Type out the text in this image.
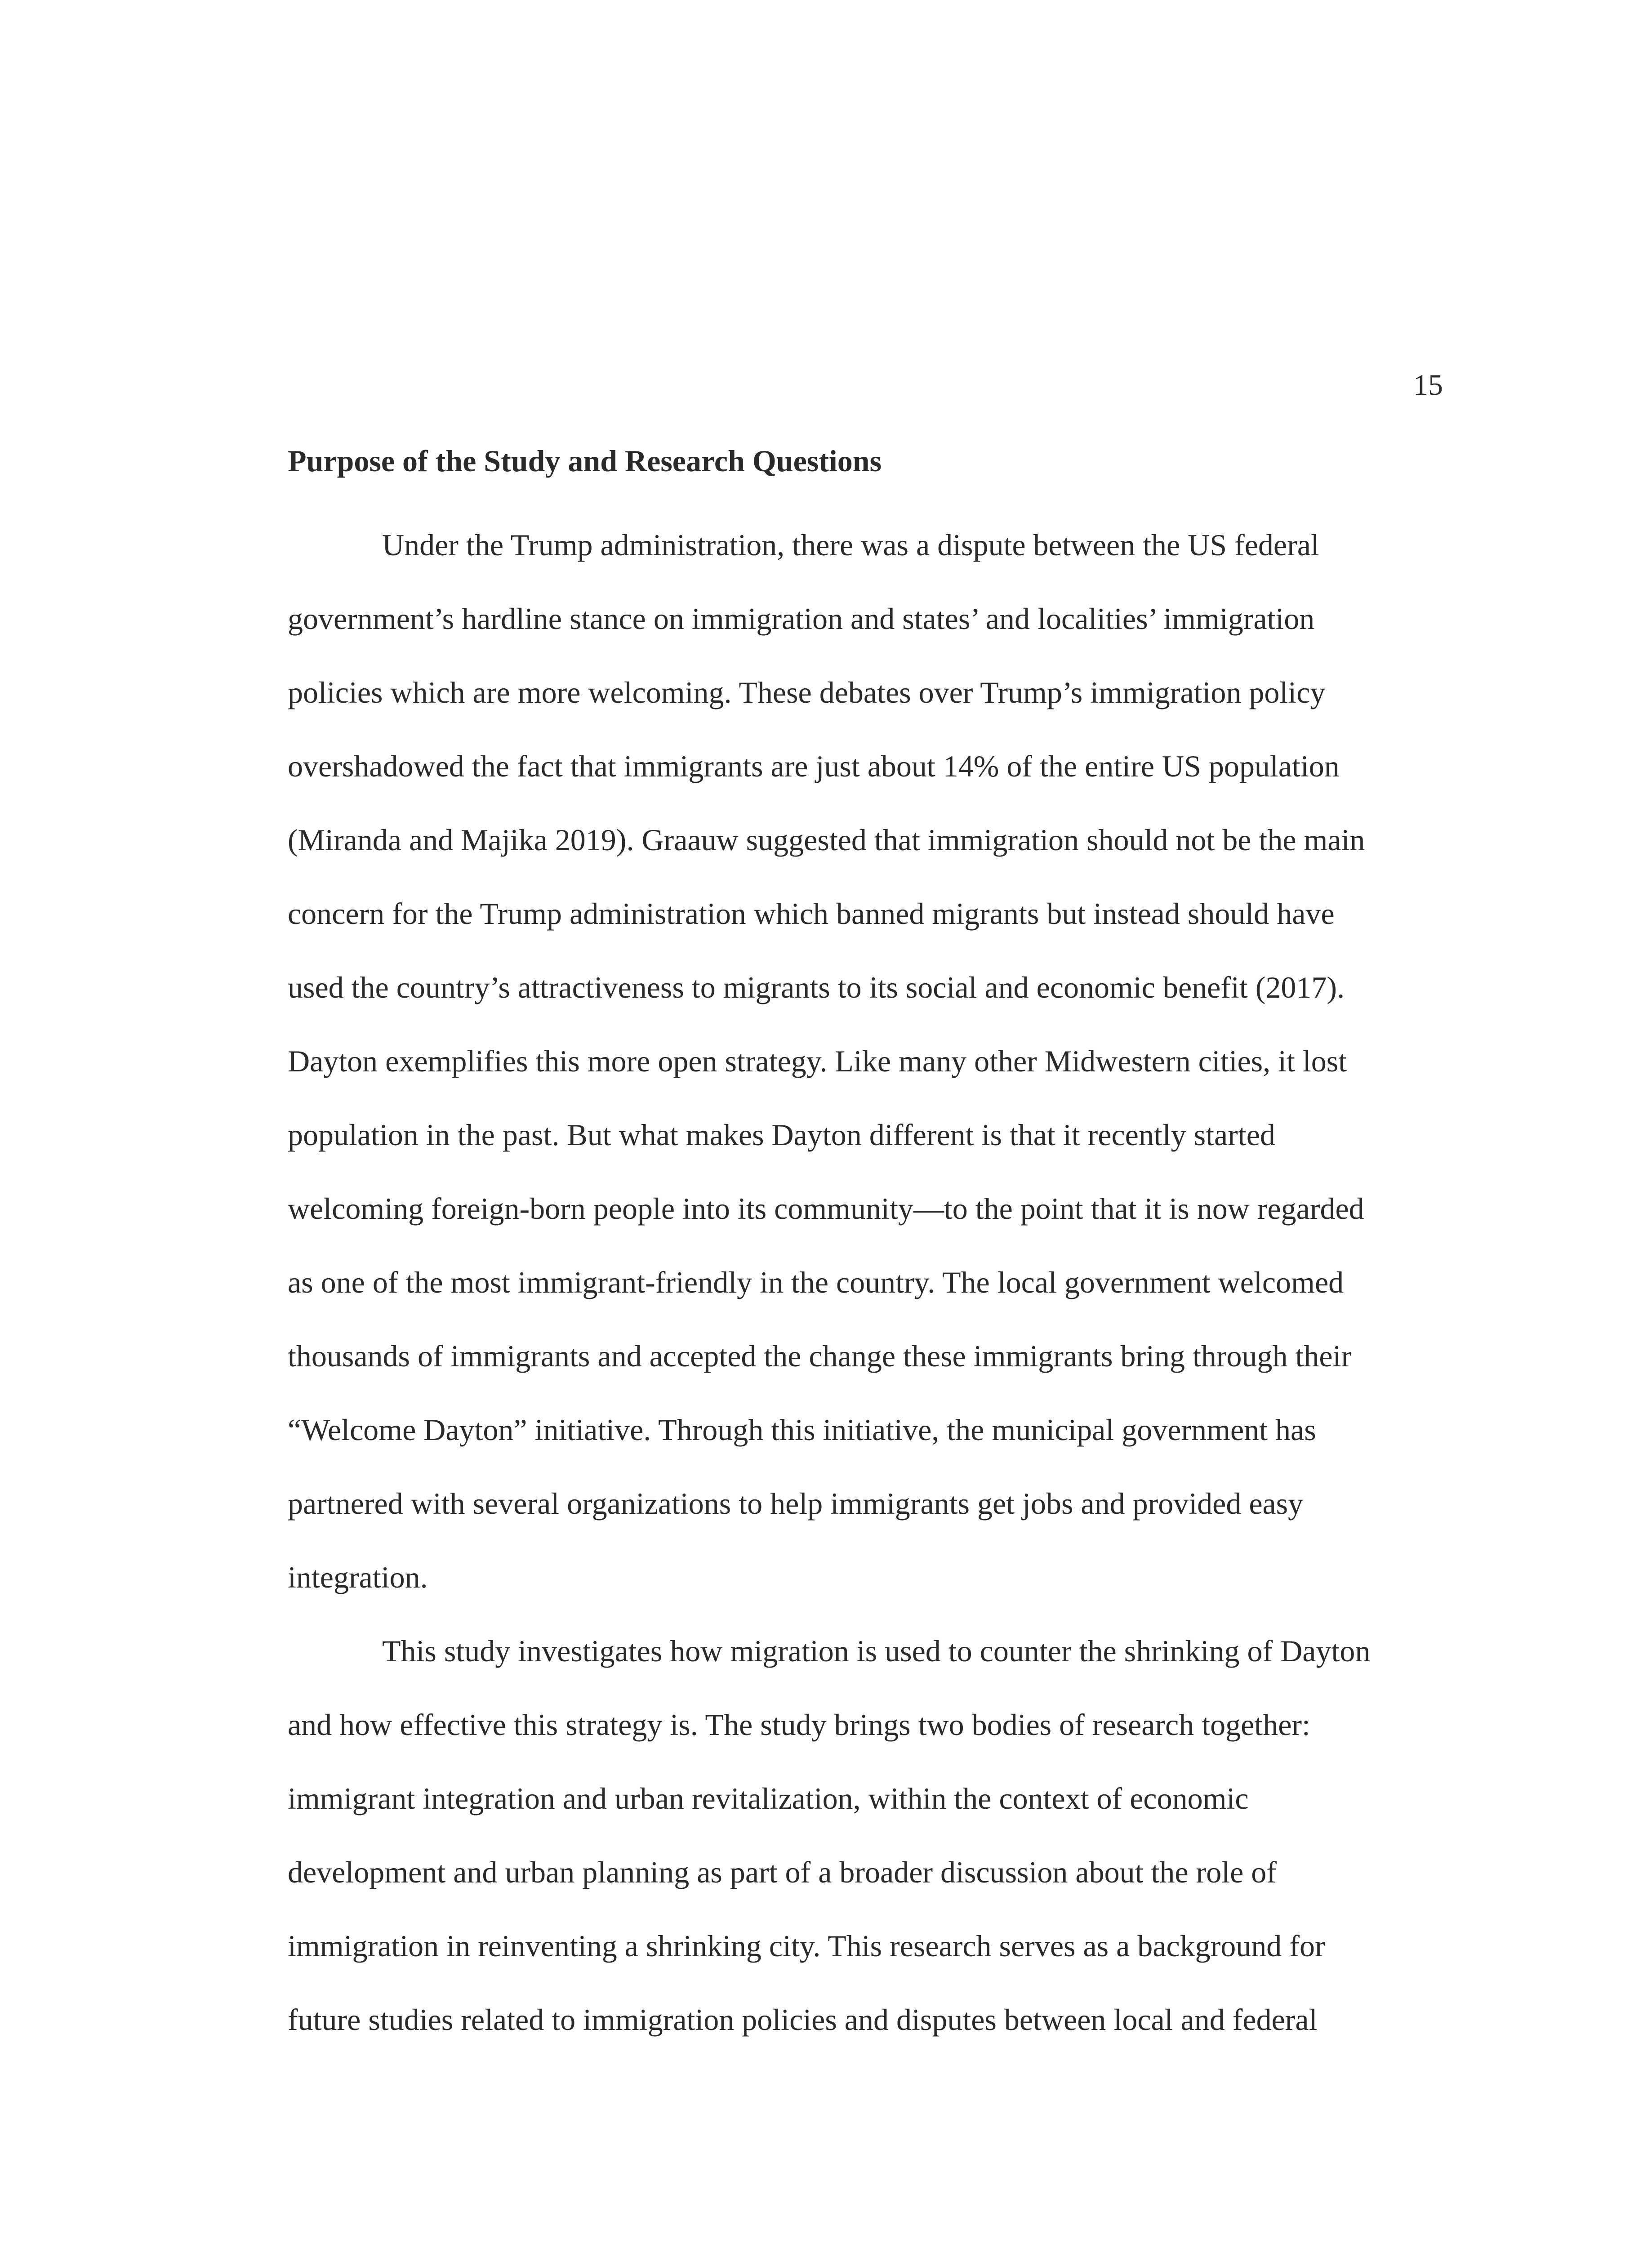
15
Purpose of the Study and Research Questions
Under the Trump administration, there was a dispute between the US federal
government’s hardline stance on immigration and states’ and localities’ immigration
policies which are more welcoming. These debates over Trump’s immigration policy
overshadowed the fact that immigrants are just about 14% of the entire US population
(Miranda and Majika 2019). Graauw suggested that immigration should not be the main
concern for the Trump administration which banned migrants but instead should have
used the country’s attractiveness to migrants to its social and economic benefit (2017).
Dayton exemplifies this more open strategy. Like many other Midwestern cities, it lost
population in the past. But what makes Dayton different is that it recently started
welcoming foreign-born people into its community—to the point that it is now regarded
as one of the most immigrant-friendly in the country. The local government welcomed
thousands of immigrants and accepted the change these immigrants bring through their
“Welcome Dayton” initiative. Through this initiative, the municipal government has
partnered with several organizations to help immigrants get jobs and provided easy
integration.
This study investigates how migration is used to counter the shrinking of Dayton
and how effective this strategy is. The study brings two bodies of research together:
immigrant integration and urban revitalization, within the context of economic
development and urban planning as part of a broader discussion about the role of
immigration in reinventing a shrinking city. This research serves as a background for
future studies related to immigration policies and disputes between local and federal
